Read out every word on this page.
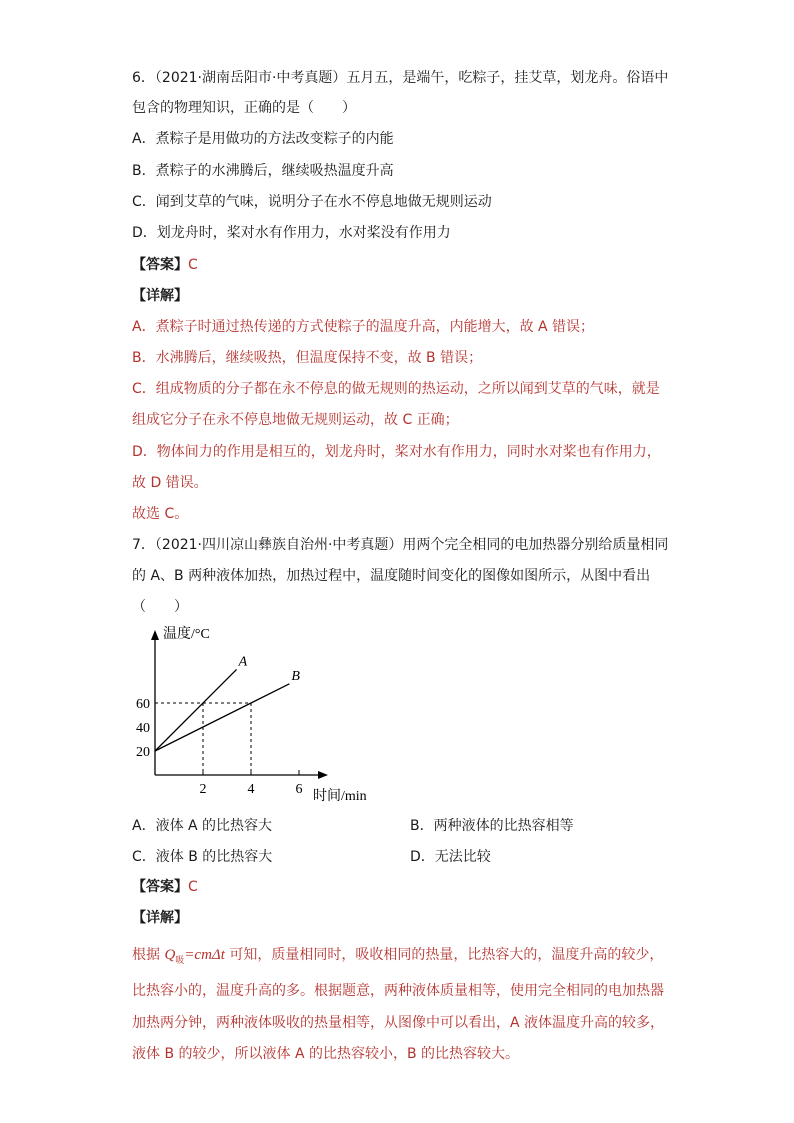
6．（2021·湖南岳阳市·中考真题）五月五，是端午，吃粽子，挂艾草，划龙舟。俗语中
包含的物理知识，正确的是（　　）
A．煮粽子是用做功的方法改变粽子的内能
B．煮粽子的水沸腾后，继续吸热温度升高
C．闻到艾草的气味，说明分子在水不停息地做无规则运动
D．划龙舟时，桨对水有作用力，水对桨没有作用力
【答案】C
【详解】
A．煮粽子时通过热传递的方式使粽子的温度升高，内能增大，故 A 错误；
B．水沸腾后，继续吸热，但温度保持不变，故 B 错误；
C．组成物质的分子都在永不停息的做无规则的热运动，之所以闻到艾草的气味，就是
组成它分子在永不停息地做无规则运动，故 C 正确；
D．物体间力的作用是相互的，划龙舟时，桨对水有作用力，同时水对桨也有作用力，
故 D 错误。
故选 C。
7．（2021·四川凉山彝族自治州·中考真题）用两个完全相同的电加热器分别给质量相同
的 A、B 两种液体加热，加热过程中，温度随时间变化的图像如图所示，从图中看出
（　　）
A
B
2	4	6
20
40
60
温度/°C
时间/min
A．液体 A 的比热容大	B．两种液体的比热容相等
C．液体 B 的比热容大	D．无法比较
【答案】C
【详解】
根据 $Q_吸=cm\Delta t$ 可知，质量相同时，吸收相同的热量，比热容大的，温度升高的较少，
比热容小的，温度升高的多。根据题意，两种液体质量相等，使用完全相同的电加热器
加热两分钟，两种液体吸收的热量相等，从图像中可以看出，A 液体温度升高的较多，
液体 B 的较少，所以液体 A 的比热容较小，B 的比热容较大。
